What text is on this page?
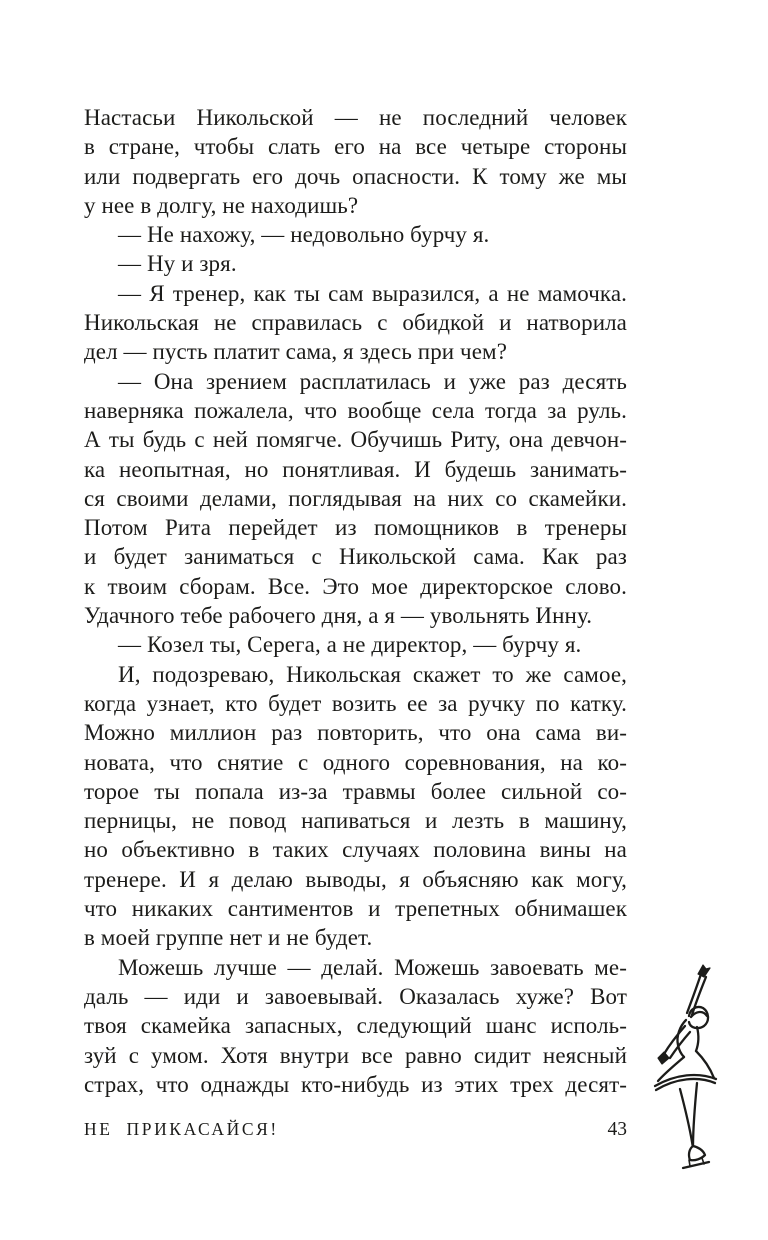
Настасьи Никольской — не последний человек
в стране, чтобы слать его на все четыре стороны
или подвергать его дочь опасности. К тому же мы
у нее в долгу, не находишь?
— Не нахожу, — недовольно бурчу я.
— Ну и зря.
— Я тренер, как ты сам выразился, а не мамочка.
Никольская не справилась с обидкой и натворила
дел — пусть платит сама, я здесь при чем?
— Она зрением расплатилась и уже раз десять
наверняка пожалела, что вообще села тогда за руль.
А ты будь с ней помягче. Обучишь Риту, она девчон-
ка неопытная, но понятливая. И будешь занимать-
ся своими делами, поглядывая на них со скамейки.
Потом Рита перейдет из помощников в тренеры
и будет заниматься с Никольской сама. Как раз
к твоим сборам. Все. Это мое директорское слово.
Удачного тебе рабочего дня, а я — увольнять Инну.
— Козел ты, Серега, а не директор, — бурчу я.
И, подозреваю, Никольская скажет то же самое,
когда узнает, кто будет возить ее за ручку по катку.
Можно миллион раз повторить, что она сама ви-
новата, что снятие с одного соревнования, на ко-
торое ты попала из-за травмы более сильной со-
перницы, не повод напиваться и лезть в машину,
но объективно в таких случаях половина вины на
тренере. И я делаю выводы, я объясняю как могу,
что никаких сантиментов и трепетных обнимашек
в моей группе нет и не будет.
Можешь лучше — делай. Можешь завоевать ме-
даль — иди и завоевывай. Оказалась хуже? Вот
твоя скамейка запасных, следующий шанс исполь-
зуй с умом. Хотя внутри все равно сидит неясный
страх, что однажды кто-нибудь из этих трех десят-
НЕ ПРИКАСАЙСЯ!	43
